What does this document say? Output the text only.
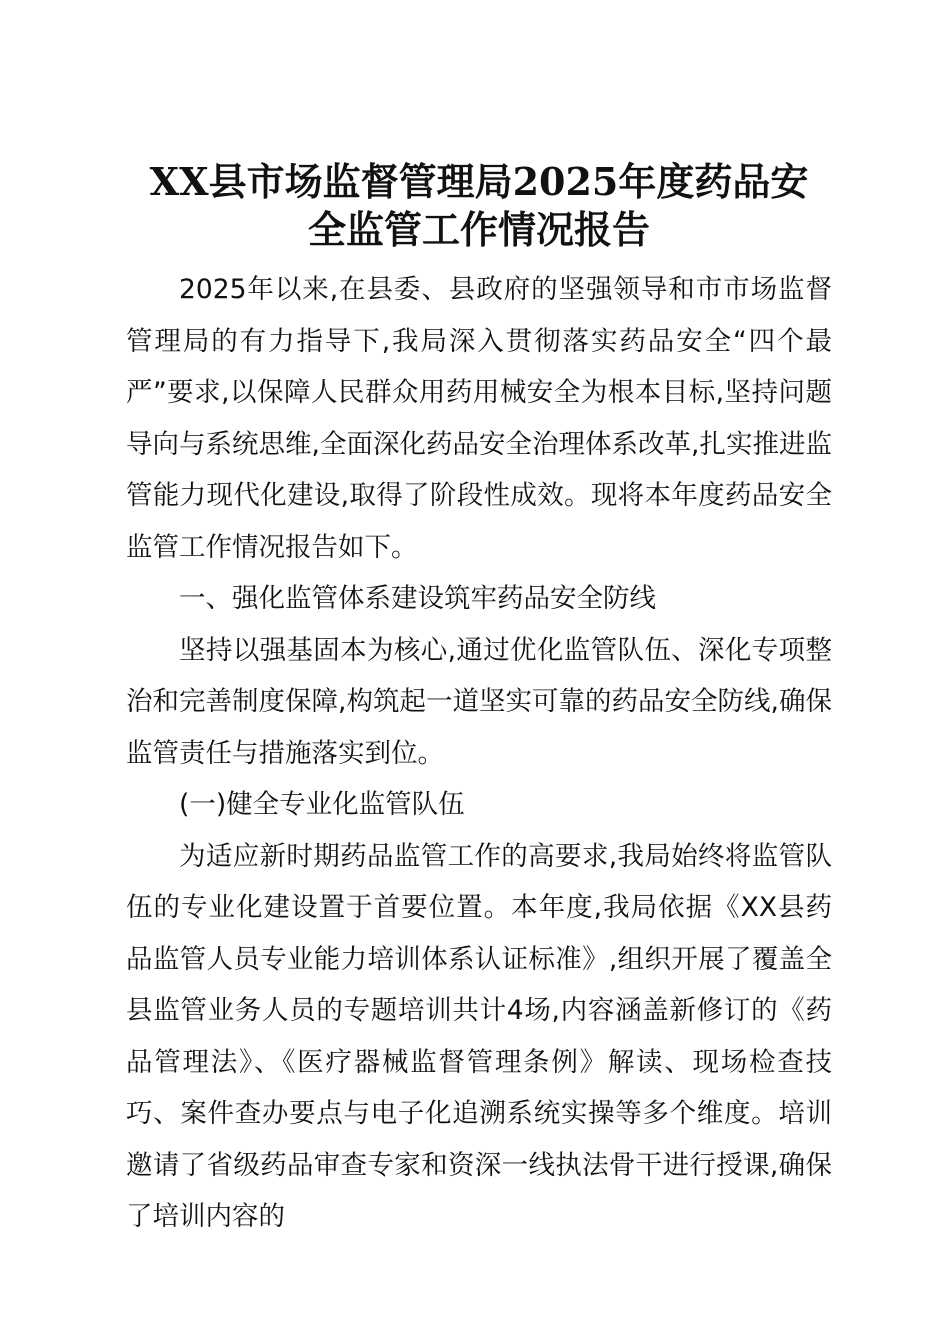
XX县市场监督管理局2025年度药品安
全监管工作情况报告

2025年以来,在县委、县政府的坚强领导和市市场监督管理局的有力指导下,我局深入贯彻落实药品安全“四个最严”要求,以保障人民群众用药用械安全为根本目标,坚持问题导向与系统思维,全面深化药品安全治理体系改革,扎实推进监管能力现代化建设,取得了阶段性成效。现将本年度药品安全监管工作情况报告如下。

一、强化监管体系建设筑牢药品安全防线

坚持以强基固本为核心,通过优化监管队伍、深化专项整治和完善制度保障,构筑起一道坚实可靠的药品安全防线,确保监管责任与措施落实到位。

(一)健全专业化监管队伍

为适应新时期药品监管工作的高要求,我局始终将监管队伍的专业化建设置于首要位置。本年度,我局依据《XX县药品监管人员专业能力培训体系认证标准》,组织开展了覆盖全县监管业务人员的专题培训共计4场,内容涵盖新修订的《药品管理法》、《医疗器械监督管理条例》解读、现场检查技巧、案件查办要点与电子化追溯系统实操等多个维度。培训邀请了省级药品审查专家和资深一线执法骨干进行授课,确保了培训内容的
